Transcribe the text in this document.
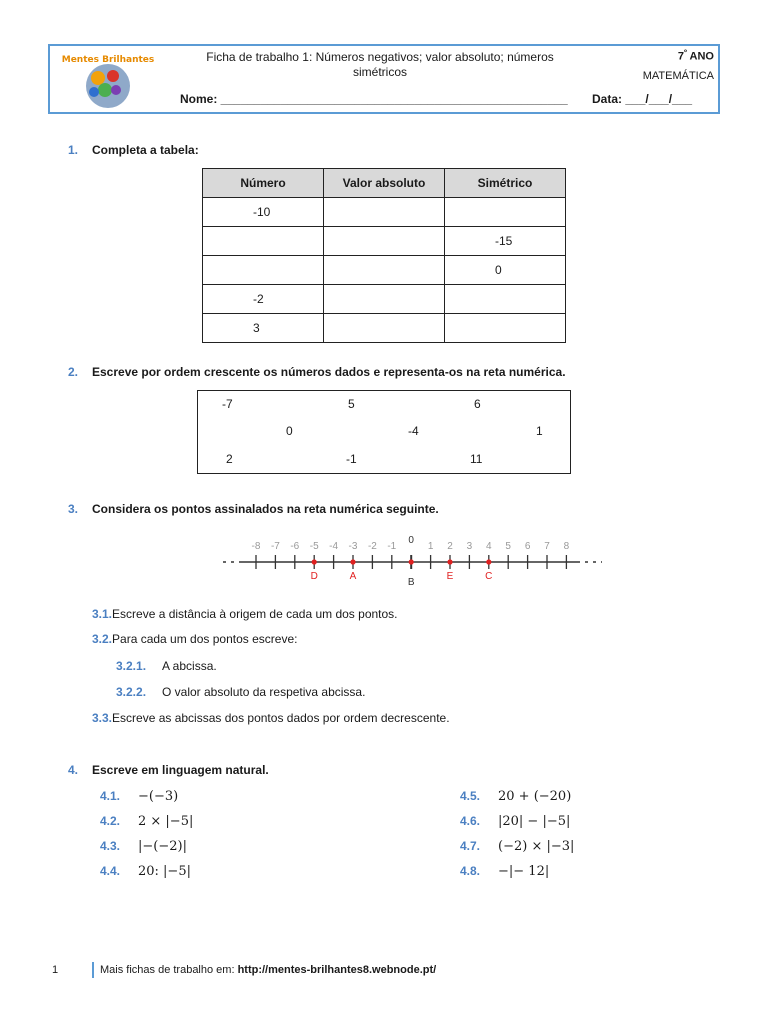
Mentes Brilhantes	Ficha de trabalho 1: Números negativos; valor absoluto; números simétricos
$7^º$ ANO
MATEMÁTICA
Nome: ____________________________________________________ Data: ___/___/___
1. Completa a tabela:
Número	Valor absoluto	Simétrico
-10		
		-15
		0
-2		
3		
2. Escreve por ordem crescente os números dados e representa-os na reta numérica.
-7	5	6
0	-4	1
2	-1	11
3. Considera os pontos assinalados na reta numérica seguinte.
-8 -7 -6 -5 -4 -3 -2 -1
0
1 2 3 4 5 6 7 8
D	A
B
E	C
3.1.Escreve a distância à origem de cada um dos pontos.
3.2.Para cada um dos pontos escreve:
3.2.1. A abcissa.
3.2.2. O valor absoluto da respetiva abcissa.
3.3.Escreve as abcissas dos pontos dados por ordem decrescente.
4. Escreve em linguagem natural.
4.1. −(−3)
4.2. 2 × |−5|
4.3. |−(−2)|
4.4. 20: |−5|
4.5. 20 + (−20)
4.6. |20| − |−5|
4.7. (−2) × |−3|
4.8. −|− 12|
1	Mais fichas de trabalho em: http://mentes-brilhantes8.webnode.pt/
